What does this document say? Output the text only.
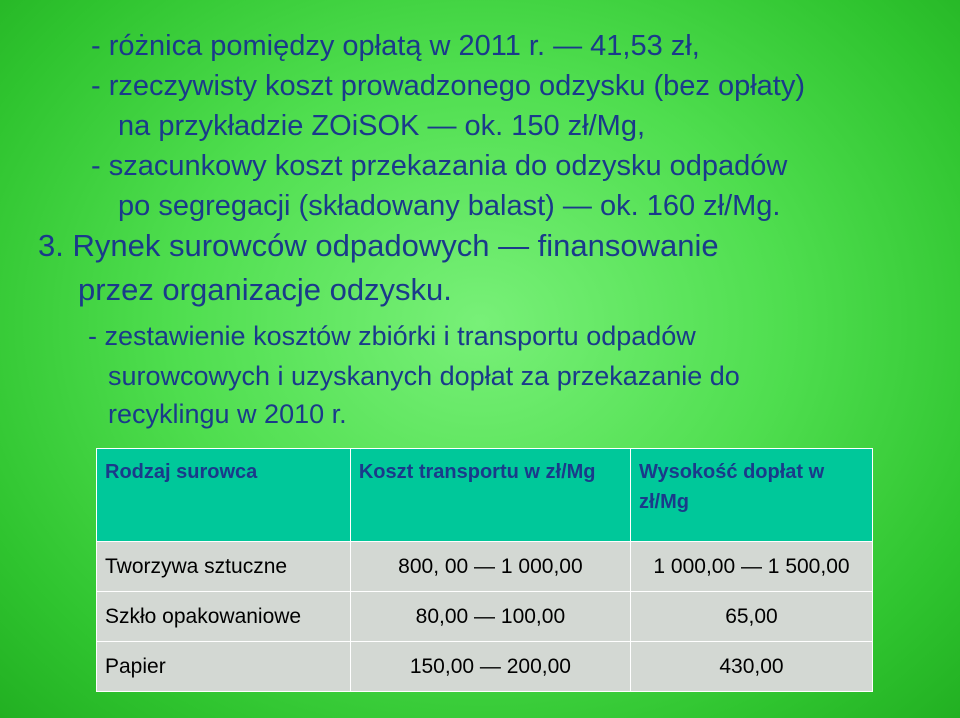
- różnica pomiędzy opłatą w 2011 r. — 41,53 zł,
- rzeczywisty koszt prowadzonego odzysku (bez opłaty)
na przykładzie ZOiSOK — ok. 150 zł/Mg,
- szacunkowy koszt przekazania do odzysku odpadów
po segregacji (składowany balast) — ok. 160 zł/Mg.
3. Rynek surowców odpadowych — finansowanie
przez organizacje odzysku.
- zestawienie kosztów zbiórki i transportu odpadów
surowcowych i uzyskanych dopłat za przekazanie do
recyklingu w 2010 r.
Rodzaj surowca	Koszt transportu w zł/Mg	Wysokość dopłat w zł/Mg
Tworzywa sztuczne	800, 00 — 1 000,00	1 000,00 — 1 500,00
Szkło opakowaniowe	80,00 — 100,00	65,00
Papier	150,00 — 200,00	430,00
